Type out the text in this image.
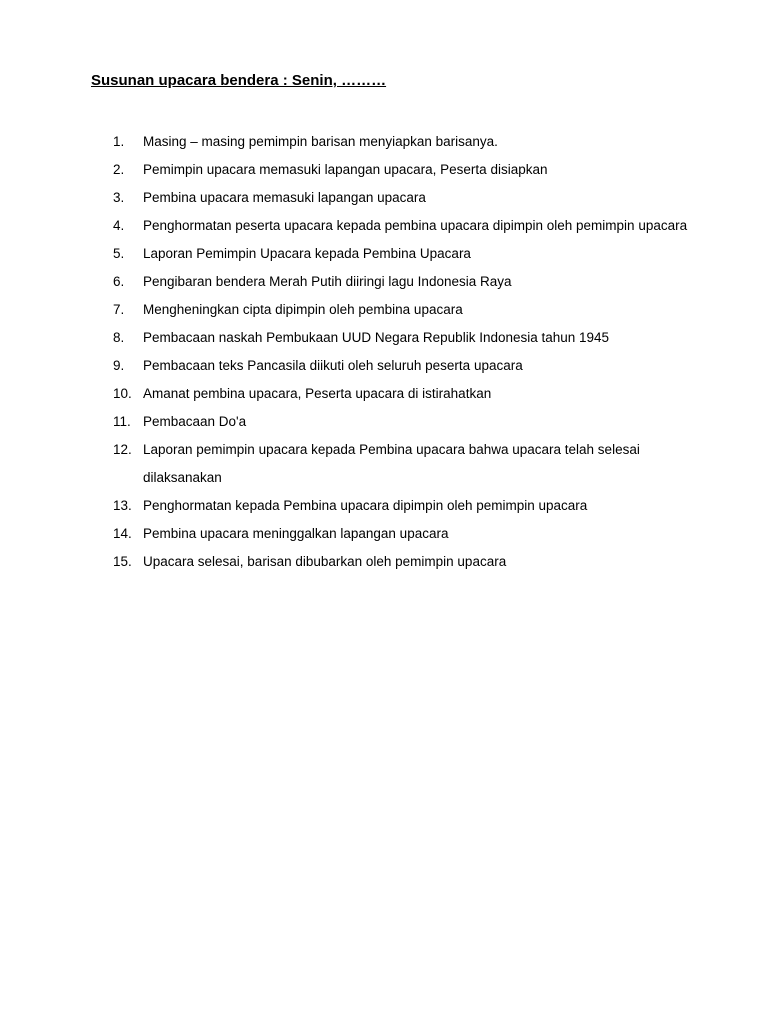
Susunan upacara bendera : Senin, ………
1. Masing – masing pemimpin barisan menyiapkan barisanya.
2. Pemimpin upacara memasuki lapangan upacara, Peserta disiapkan
3. Pembina upacara memasuki lapangan upacara
4. Penghormatan peserta upacara kepada pembina upacara dipimpin oleh pemimpin upacara
5. Laporan Pemimpin Upacara kepada Pembina Upacara
6. Pengibaran bendera Merah Putih diiringi lagu Indonesia Raya
7. Mengheningkan cipta dipimpin oleh pembina upacara
8. Pembacaan naskah Pembukaan UUD Negara Republik Indonesia tahun 1945
9. Pembacaan teks Pancasila diikuti oleh seluruh peserta upacara
10. Amanat pembina upacara, Peserta upacara di istirahatkan
11. Pembacaan Do'a
12. Laporan pemimpin upacara kepada Pembina upacara bahwa upacara telah selesai dilaksanakan
13. Penghormatan kepada Pembina upacara dipimpin oleh pemimpin upacara
14. Pembina upacara meninggalkan lapangan upacara
15. Upacara selesai, barisan dibubarkan oleh pemimpin upacara
